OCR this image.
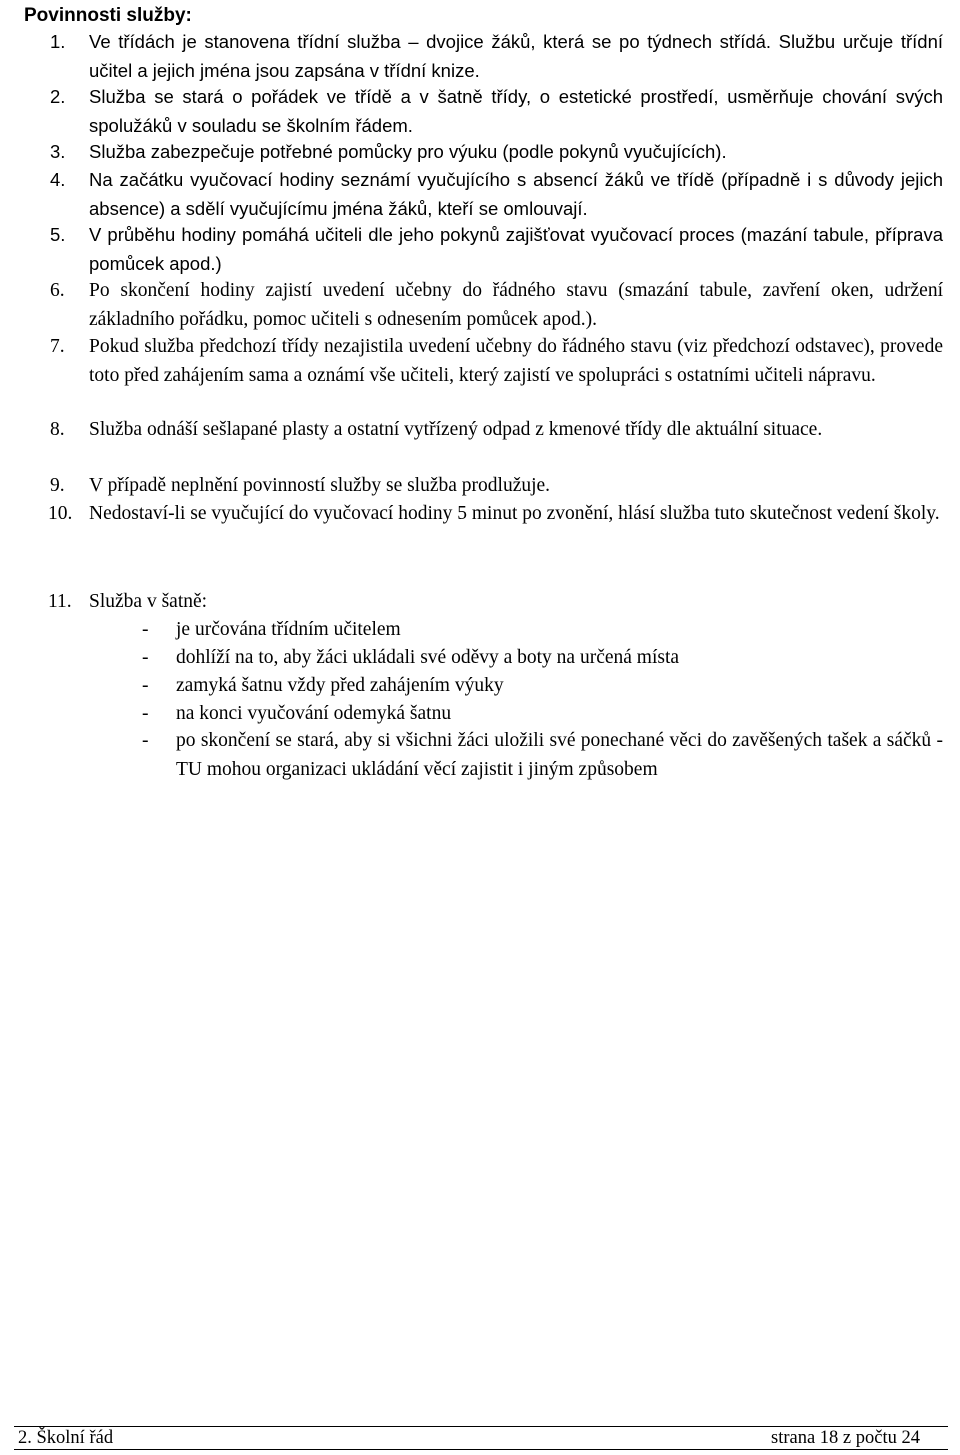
Povinnosti služby:
1.	Ve třídách je stanovena třídní služba – dvojice žáků, která se po týdnech střídá. Službu určuje třídní učitel a jejich jména jsou zapsána v třídní knize.
2.	Služba se stará o pořádek ve třídě a v šatně třídy, o estetické prostředí, usměrňuje chování svých spolužáků v souladu se školním řádem.
3.	Služba zabezpečuje potřebné pomůcky pro výuku (podle pokynů vyučujících).
4.	Na začátku vyučovací hodiny seznámí vyučujícího s absencí žáků ve třídě (případně i s důvody jejich absence) a sdělí vyučujícímu jména žáků, kteří se omlouvají.
5.	V průběhu hodiny pomáhá učiteli dle jeho pokynů zajišťovat vyučovací proces (mazání tabule, příprava pomůcek apod.)
6.	Po skončení hodiny zajistí uvedení učebny do řádného stavu (smazání tabule, zavření oken, udržení základního pořádku, pomoc učiteli s odnesením pomůcek apod.).
7.	Pokud služba předchozí třídy nezajistila uvedení učebny do řádného stavu (viz předchozí odstavec), provede toto před zahájením sama a oznámí vše učiteli, který zajistí ve spolupráci s ostatními učiteli nápravu.
8.	Služba odnáší sešlapané plasty a ostatní vytřízený odpad z kmenové třídy dle aktuální situace.
9.	V případě neplnění povinností služby se služba prodlužuje.
10. Nedostaví-li se vyučující do vyučovací hodiny 5 minut po zvonění, hlásí služba tuto skutečnost vedení školy.
11. Služba v šatně:
- je určována třídním učitelem
- dohlíží na to, aby žáci ukládali své oděvy a boty na určená místa
- zamyká šatnu vždy před zahájením výuky
- na konci vyučování odemyká šatnu
- po skončení se stará, aby si všichni žáci uložili své ponechané věci do zavěšených tašek a sáčků - TU mohou organizaci ukládání věcí zajistit i jiným způsobem
2. Školní řád	strana 18 z počtu 24
